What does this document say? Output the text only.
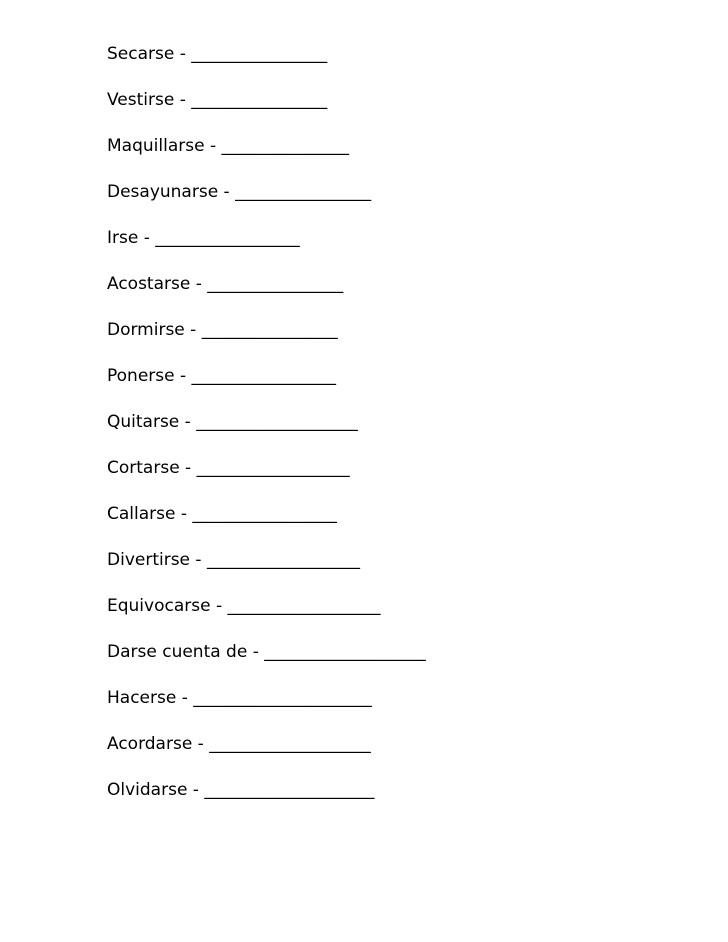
Secarse - ________________
Vestirse - ________________
Maquillarse - _______________
Desayunarse - ________________
Irse - _________________
Acostarse - ________________
Dormirse - ________________
Ponerse - _________________
Quitarse - ___________________
Cortarse - __________________
Callarse - _________________
Divertirse - __________________
Equivocarse - __________________
Darse cuenta de - ___________________
Hacerse - _____________________
Acordarse - ___________________
Olvidarse - ____________________
